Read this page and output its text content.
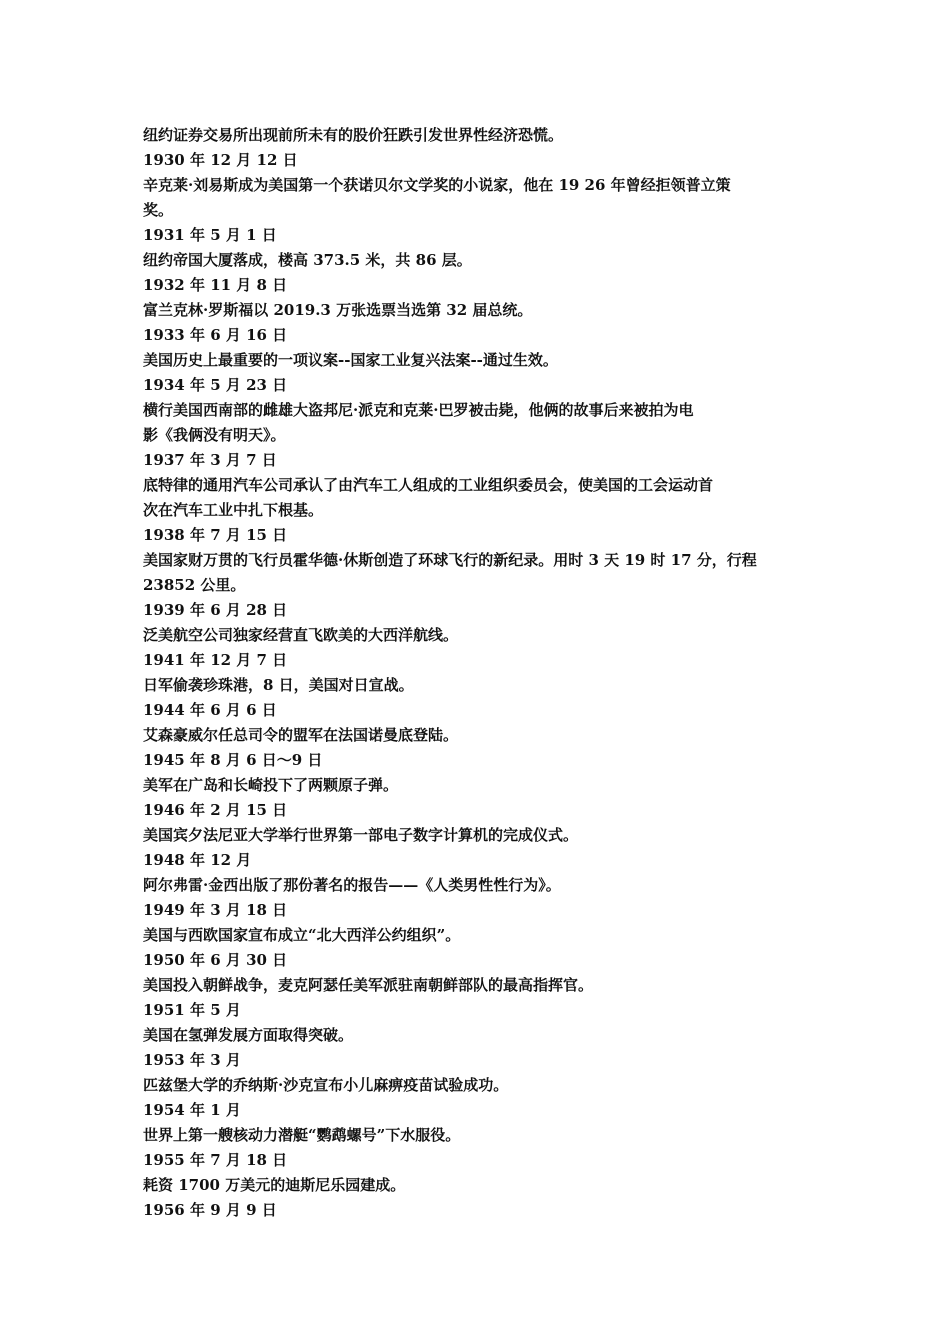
纽约证券交易所出现前所未有的股价狂跌引发世界性经济恐慌。

1930 年 12 月 12 日

辛克莱·刘易斯成为美国第一个获诺贝尔文学奖的小说家，他在 19 26 年曾经拒领普立策

奖。

1931 年 5 月 1 日

纽约帝国大厦落成，楼高 373.5 米，共 86 层。

1932 年 11 月 8 日

富兰克林·罗斯福以 2019.3 万张选票当选第 32 届总统。

1933 年 6 月 16 日

美国历史上最重要的一项议案--国家工业复兴法案--通过生效。

1934 年 5 月 23 日

横行美国西南部的雌雄大盗邦尼·派克和克莱·巴罗被击毙，他俩的故事后来被拍为电

影《我俩没有明天》。

1937 年 3 月 7 日

底特律的通用汽车公司承认了由汽车工人组成的工业组织委员会，使美国的工会运动首

次在汽车工业中扎下根基。

1938 年 7 月 15 日

美国家财万贯的飞行员霍华德·休斯创造了环球飞行的新纪录。用时 3 天 19 时 17 分，行程

23852 公里。

1939 年 6 月 28 日

泛美航空公司独家经营直飞欧美的大西洋航线。

1941 年 12 月 7 日

日军偷袭珍珠港，8 日，美国对日宣战。

1944 年 6 月 6 日

艾森豪威尔任总司令的盟军在法国诺曼底登陆。

1945 年 8 月 6 日～9 日

美军在广岛和长崎投下了两颗原子弹。

1946 年 2 月 15 日

美国宾夕法尼亚大学举行世界第一部电子数字计算机的完成仪式。

1948 年 12 月

阿尔弗雷·金西出版了那份著名的报告——《人类男性性行为》。

1949 年 3 月 18 日

美国与西欧国家宣布成立“北大西洋公约组织”。

1950 年 6 月 30 日

美国投入朝鲜战争，麦克阿瑟任美军派驻南朝鲜部队的最高指挥官。

1951 年 5 月

美国在氢弹发展方面取得突破。

1953 年 3 月

匹兹堡大学的乔纳斯·沙克宣布小儿麻痹疫苗试验成功。

1954 年 1 月

世界上第一艘核动力潜艇“鹦鹉螺号”下水服役。

1955 年 7 月 18 日

耗资 1700 万美元的迪斯尼乐园建成。

1956 年 9 月 9 日
